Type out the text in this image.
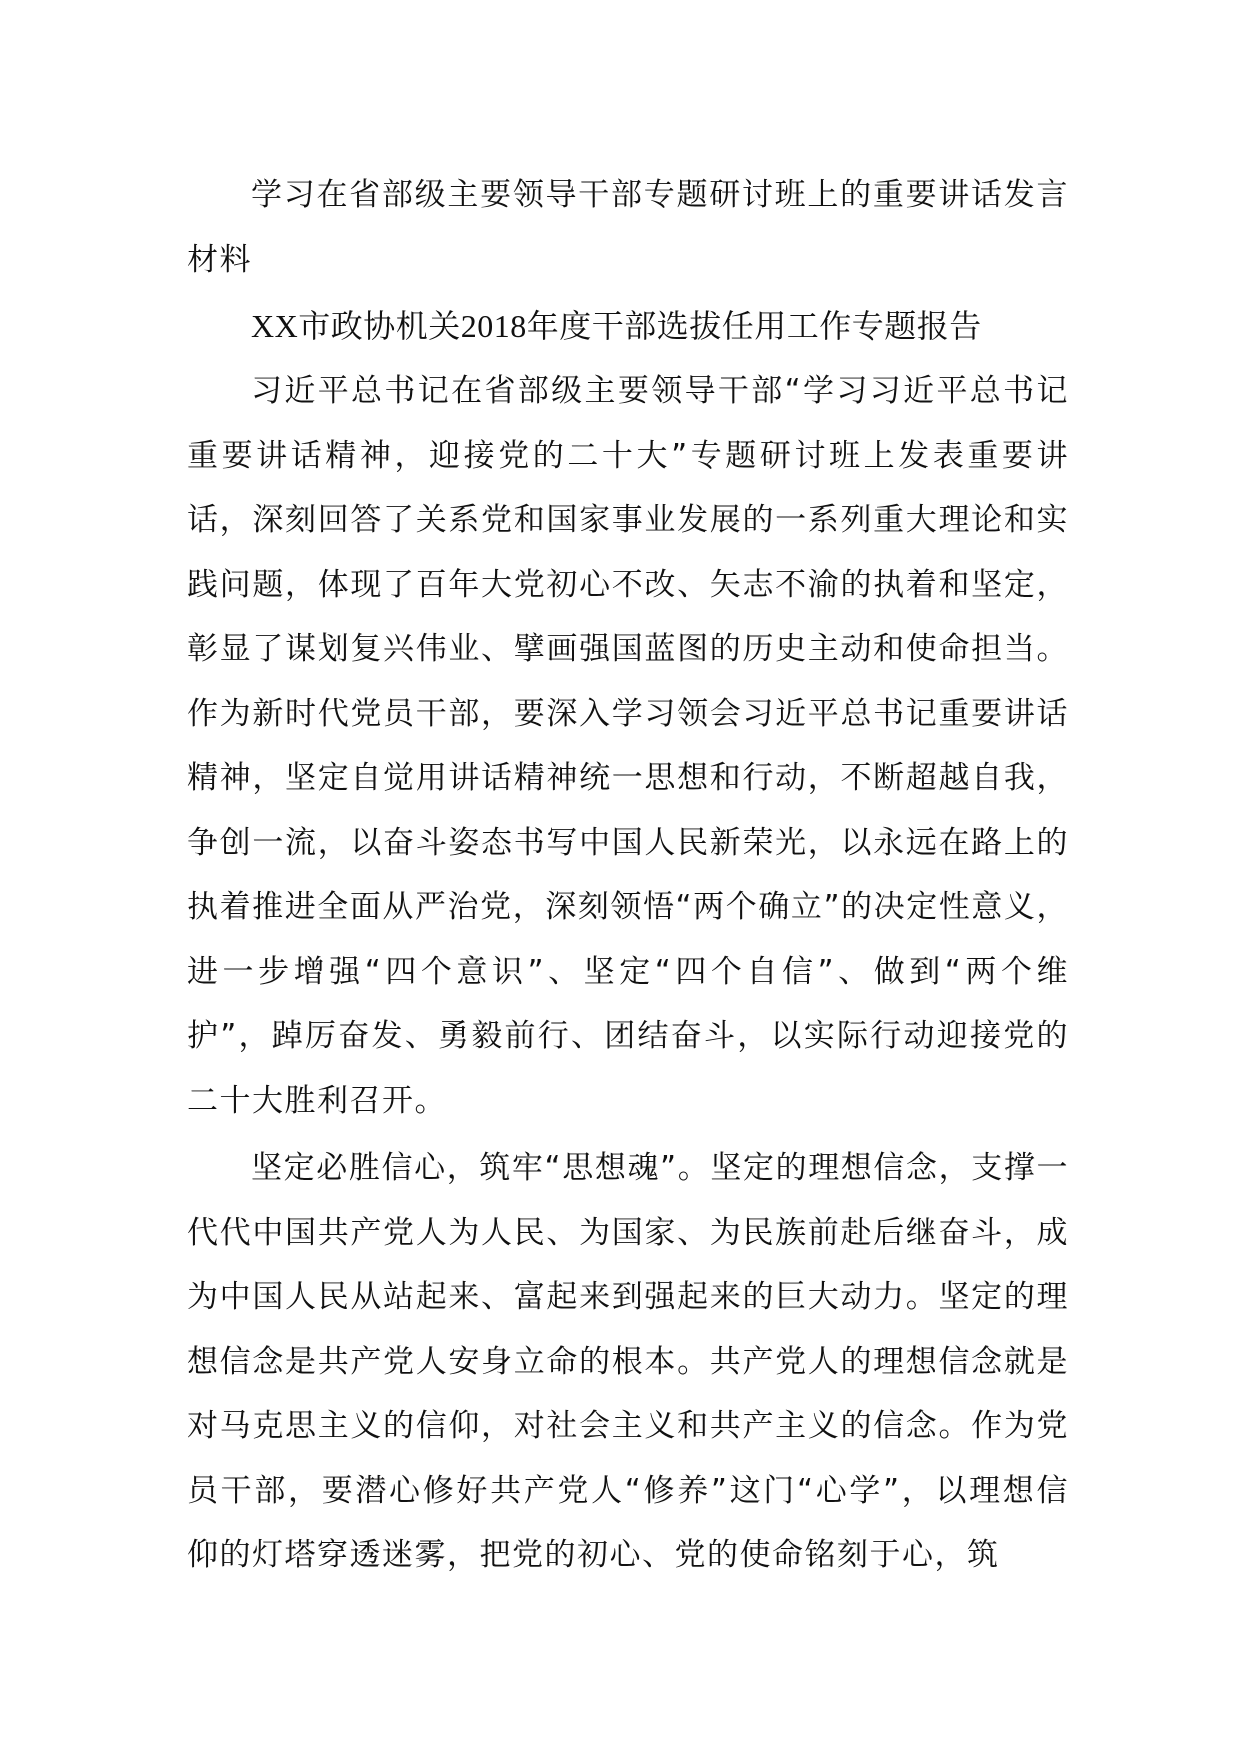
学习在省部级主要领导干部专题研讨班上的重要讲话发言材料

XX市政协机关2018年度干部选拔任用工作专题报告

习近平总书记在省部级主要领导干部“学习习近平总书记重要讲话精神，迎接党的二十大”专题研讨班上发表重要讲话，深刻回答了关系党和国家事业发展的一系列重大理论和实践问题，体现了百年大党初心不改、矢志不渝的执着和坚定，彰显了谋划复兴伟业、擘画强国蓝图的历史主动和使命担当。作为新时代党员干部，要深入学习领会习近平总书记重要讲话精神，坚定自觉用讲话精神统一思想和行动，不断超越自我，争创一流，以奋斗姿态书写中国人民新荣光，以永远在路上的执着推进全面从严治党，深刻领悟“两个确立”的决定性意义，进一步增强“四个意识”、坚定“四个自信”、做到“两个维护”，踔厉奋发、勇毅前行、团结奋斗，以实际行动迎接党的二十大胜利召开。

坚定必胜信心，筑牢“思想魂”。坚定的理想信念，支撑一代代中国共产党人为人民、为国家、为民族前赴后继奋斗，成为中国人民从站起来、富起来到强起来的巨大动力。坚定的理想信念是共产党人安身立命的根本。共产党人的理想信念就是对马克思主义的信仰，对社会主义和共产主义的信念。作为党员干部，要潜心修好共产党人“修养”这门“心学”，以理想信仰的灯塔穿透迷雾，把党的初心、党的使命铭刻于心，筑
